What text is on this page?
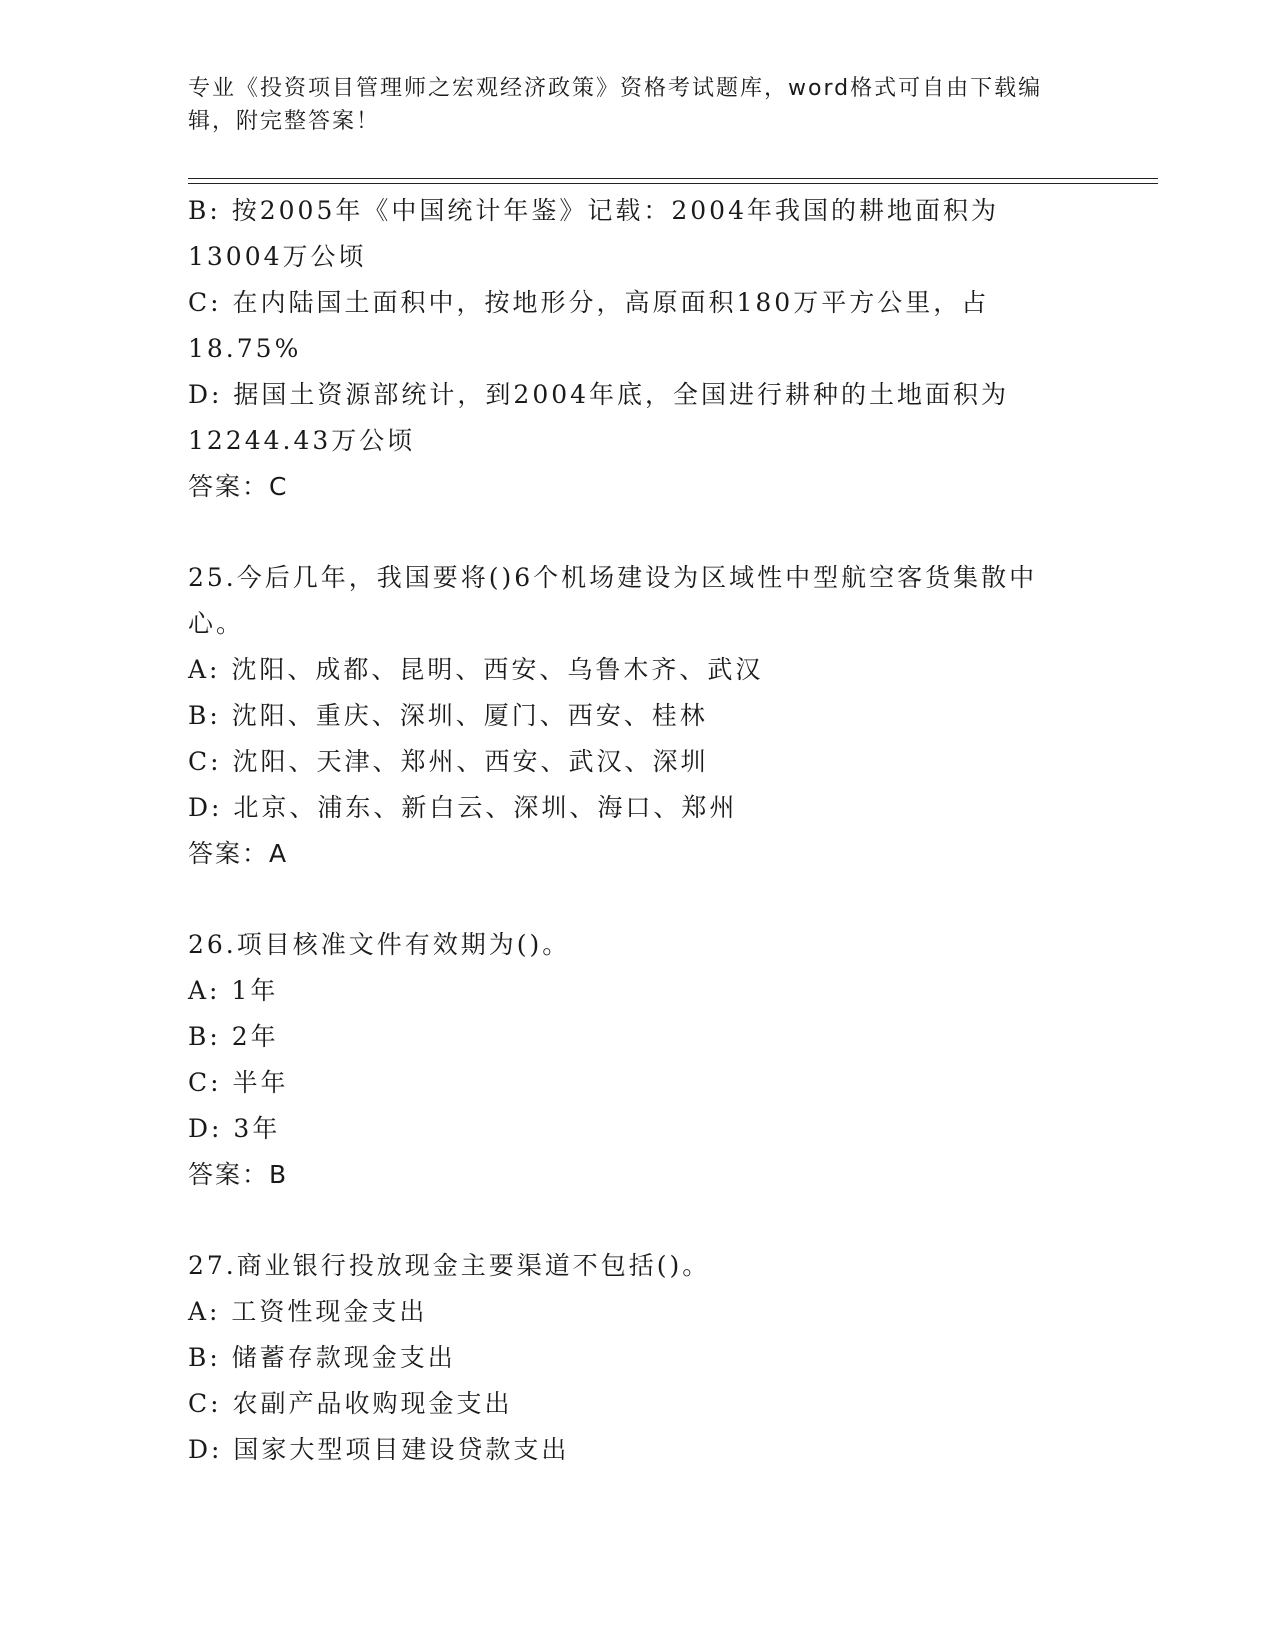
专业《投资项目管理师之宏观经济政策》资格考试题库，word格式可自由下载编
辑，附完整答案！
B: 按2005年《中国统计年鉴》记载：2004年我国的耕地面积为
13004万公顷
C: 在内陆国土面积中，按地形分，高原面积180万平方公里，占
18.75%
D: 据国土资源部统计，到2004年底，全国进行耕种的土地面积为
12244.43万公顷
答案：C
25.今后几年，我国要将()6个机场建设为区域性中型航空客货集散中
心。
A: 沈阳、成都、昆明、西安、乌鲁木齐、武汉
B: 沈阳、重庆、深圳、厦门、西安、桂林
C: 沈阳、天津、郑州、西安、武汉、深圳
D: 北京、浦东、新白云、深圳、海口、郑州
答案：A
26.项目核准文件有效期为()。
A: 1年
B: 2年
C: 半年
D: 3年
答案：B
27.商业银行投放现金主要渠道不包括()。
A: 工资性现金支出
B: 储蓄存款现金支出
C: 农副产品收购现金支出
D: 国家大型项目建设贷款支出
